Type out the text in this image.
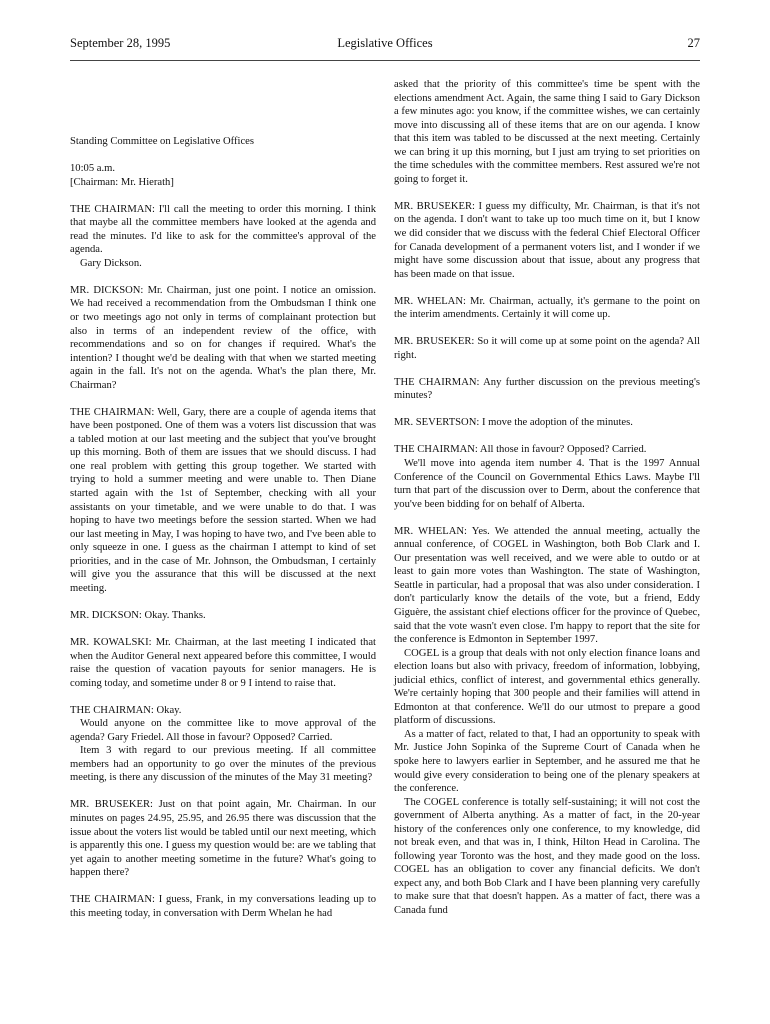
September 28, 1995	Legislative Offices	27

Standing Committee on Legislative Offices

10:05 a.m.
[Chairman: Mr. Hierath]

THE CHAIRMAN: I'll call the meeting to order this morning. I think that maybe all the committee members have looked at the agenda and read the minutes. I'd like to ask for the committee's approval of the agenda.
Gary Dickson.

MR. DICKSON: Mr. Chairman, just one point. I notice an omission. We had received a recommendation from the Ombudsman I think one or two meetings ago not only in terms of complainant protection but also in terms of an independent review of the office, with recommendations and so on for changes if required. What's the intention? I thought we'd be dealing with that when we started meeting again in the fall. It's not on the agenda. What's the plan there, Mr. Chairman?

THE CHAIRMAN: Well, Gary, there are a couple of agenda items that have been postponed. One of them was a voters list discussion that was a tabled motion at our last meeting and the subject that you've brought up this morning. Both of them are issues that we should discuss. I had one real problem with getting this group together. We started with trying to hold a summer meeting and were unable to. Then Diane started again with the 1st of September, checking with all your assistants on your timetable, and we were unable to do that. I was hoping to have two meetings before the session started. When we had our last meeting in May, I was hoping to have two, and I've been able to only squeeze in one. I guess as the chairman I attempt to kind of set priorities, and in the case of Mr. Johnson, the Ombudsman, I certainly will give you the assurance that this will be discussed at the next meeting.

MR. DICKSON: Okay. Thanks.

MR. KOWALSKI: Mr. Chairman, at the last meeting I indicated that when the Auditor General next appeared before this committee, I would raise the question of vacation payouts for senior managers. He is coming today, and sometime under 8 or 9 I intend to raise that.

THE CHAIRMAN: Okay.
Would anyone on the committee like to move approval of the agenda? Gary Friedel. All those in favour? Opposed? Carried.
Item 3 with regard to our previous meeting. If all committee members had an opportunity to go over the minutes of the previous meeting, is there any discussion of the minutes of the May 31 meeting?

MR. BRUSEKER: Just on that point again, Mr. Chairman. In our minutes on pages 24.95, 25.95, and 26.95 there was discussion that the issue about the voters list would be tabled until our next meeting, which is apparently this one. I guess my question would be: are we tabling that yet again to another meeting sometime in the future? What's going to happen there?

THE CHAIRMAN: I guess, Frank, in my conversations leading up to this meeting today, in conversation with Derm Whelan he had

asked that the priority of this committee's time be spent with the elections amendment Act. Again, the same thing I said to Gary Dickson a few minutes ago: you know, if the committee wishes, we can certainly move into discussing all of these items that are on our agenda. I know that this item was tabled to be discussed at the next meeting. Certainly we can bring it up this morning, but I just am trying to set priorities on the time schedules with the committee members. Rest assured we're not going to forget it.

MR. BRUSEKER: I guess my difficulty, Mr. Chairman, is that it's not on the agenda. I don't want to take up too much time on it, but I know we did consider that we discuss with the federal Chief Electoral Officer for Canada development of a permanent voters list, and I wonder if we might have some discussion about that issue, about any progress that has been made on that issue.

MR. WHELAN: Mr. Chairman, actually, it's germane to the point on the interim amendments. Certainly it will come up.

MR. BRUSEKER: So it will come up at some point on the agenda? All right.

THE CHAIRMAN: Any further discussion on the previous meeting's minutes?

MR. SEVERTSON: I move the adoption of the minutes.

THE CHAIRMAN: All those in favour? Opposed? Carried.
We'll move into agenda item number 4. That is the 1997 Annual Conference of the Council on Governmental Ethics Laws. Maybe I'll turn that part of the discussion over to Derm, about the conference that you've been bidding for on behalf of Alberta.

MR. WHELAN: Yes. We attended the annual meeting, actually the annual conference, of COGEL in Washington, both Bob Clark and I. Our presentation was well received, and we were able to outdo or at least to gain more votes than Washington. The state of Washington, Seattle in particular, had a proposal that was also under consideration. I don't particularly know the details of the vote, but a friend, Eddy Giguère, the assistant chief elections officer for the province of Quebec, said that the vote wasn't even close. I'm happy to report that the site for the conference is Edmonton in September 1997.
COGEL is a group that deals with not only election finance loans and election loans but also with privacy, freedom of information, lobbying, judicial ethics, conflict of interest, and governmental ethics generally. We're certainly hoping that 300 people and their families will attend in Edmonton at that conference. We'll do our utmost to prepare a good platform of discussions.
As a matter of fact, related to that, I had an opportunity to speak with Mr. Justice John Sopinka of the Supreme Court of Canada when he spoke here to lawyers earlier in September, and he assured me that he would give every consideration to being one of the plenary speakers at the conference.
The COGEL conference is totally self-sustaining; it will not cost the government of Alberta anything. As a matter of fact, in the 20-year history of the conferences only one conference, to my knowledge, did not break even, and that was in, I think, Hilton Head in Carolina. The following year Toronto was the host, and they made good on the loss. COGEL has an obligation to cover any financial deficits. We don't expect any, and both Bob Clark and I have been planning very carefully to make sure that that doesn't happen. As a matter of fact, there was a Canada fund
